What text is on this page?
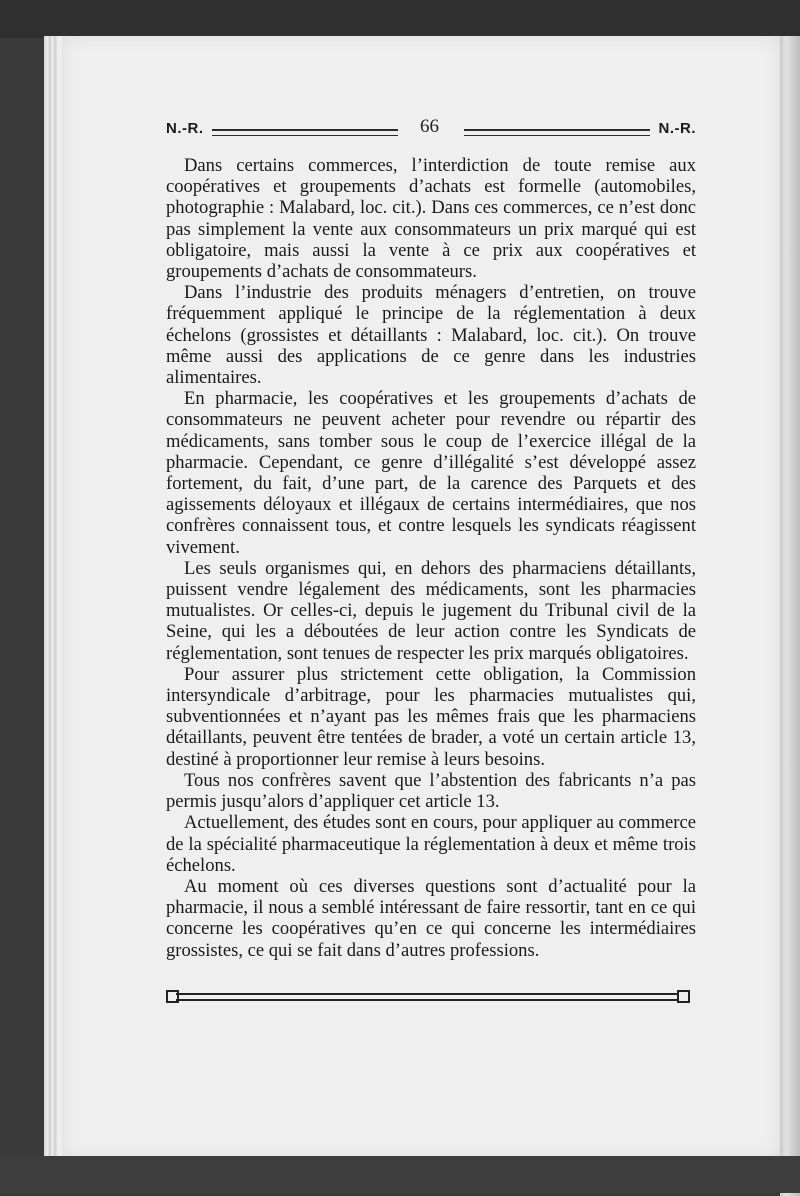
N.-R.	66	N.-R.

Dans certains commerces, l’interdiction de toute remise aux coopératives et groupements d’achats est formelle (automobiles, photographie : Malabard, loc. cit.). Dans ces commerces, ce n’est donc pas simplement la vente aux consommateurs un prix marqué qui est obligatoire, mais aussi la vente à ce prix aux coopératives et groupements d’achats de consommateurs.

Dans l’industrie des produits ménagers d’entretien, on trouve fréquemment appliqué le principe de la réglementation à deux échelons (grossistes et détaillants : Malabard, loc. cit.). On trouve même aussi des applications de ce genre dans les industries alimentaires.

En pharmacie, les coopératives et les groupements d’achats de consommateurs ne peuvent acheter pour revendre ou répartir des médicaments, sans tomber sous le coup de l’exercice illégal de la pharmacie. Cependant, ce genre d’illégalité s’est développé assez fortement, du fait, d’une part, de la carence des Parquets et des agissements déloyaux et illégaux de certains intermédiaires, que nos confrères connaissent tous, et contre lesquels les syndicats réagissent vivement.

Les seuls organismes qui, en dehors des pharmaciens détaillants, puissent vendre légalement des médicaments, sont les pharmacies mutualistes. Or celles-ci, depuis le jugement du Tribunal civil de la Seine, qui les a déboutées de leur action contre les Syndicats de réglementation, sont tenues de respecter les prix marqués obligatoires.

Pour assurer plus strictement cette obligation, la Commission intersyndicale d’arbitrage, pour les pharmacies mutualistes qui, subventionnées et n’ayant pas les mêmes frais que les pharmaciens détaillants, peuvent être tentées de brader, a voté un certain article 13, destiné à proportionner leur remise à leurs besoins.

Tous nos confrères savent que l’abstention des fabricants n’a pas permis jusqu’alors d’appliquer cet article 13.

Actuellement, des études sont en cours, pour appliquer au commerce de la spécialité pharmaceutique la réglementation à deux et même trois échelons.

Au moment où ces diverses questions sont d’actualité pour la pharmacie, il nous a semblé intéressant de faire ressortir, tant en ce qui concerne les coopératives qu’en ce qui concerne les intermédiaires grossistes, ce qui se fait dans d’autres professions.
